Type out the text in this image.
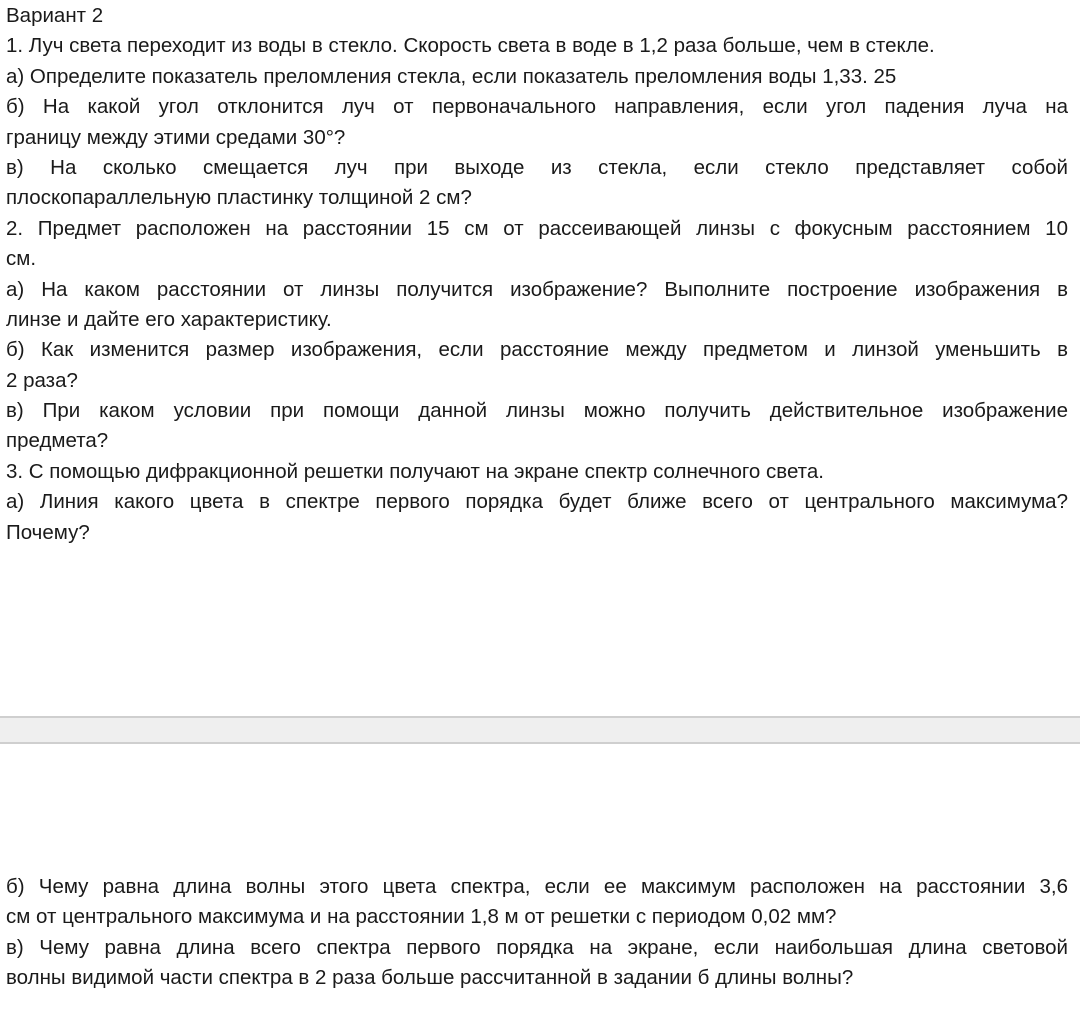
Вариант 2
1. Луч света переходит из воды в стекло. Скорость света в воде в 1,2 раза больше, чем в стекле.
а) Определите показатель преломления стекла, если показатель преломления воды 1,33. 25
б) На какой угол отклонится луч от первоначального направления, если угол падения луча на
границу между этими средами 30°?
в) На сколько смещается луч при выходе из стекла, если стекло представляет собой
плоскопараллельную пластинку толщиной 2 см?
2. Предмет расположен на расстоянии 15 см от рассеивающей линзы с фокусным расстоянием 10
см.
а) На каком расстоянии от линзы получится изображение? Выполните построение изображения в
линзе и дайте его характеристику.
б) Как изменится размер изображения, если расстояние между предметом и линзой уменьшить в
2 раза?
в) При каком условии при помощи данной линзы можно получить действительное изображение
предмета?
3. С помощью дифракционной решетки получают на экране спектр солнечного света.
а) Линия какого цвета в спектре первого порядка будет ближе всего от центрального максимума?
Почему?
б) Чему равна длина волны этого цвета спектра, если ее максимум расположен на расстоянии 3,6
см от центрального максимума и на расстоянии 1,8 м от решетки с периодом 0,02 мм?
в) Чему равна длина всего спектра первого порядка на экране, если наибольшая длина световой
волны видимой части спектра в 2 раза больше рассчитанной в задании б длины волны?
